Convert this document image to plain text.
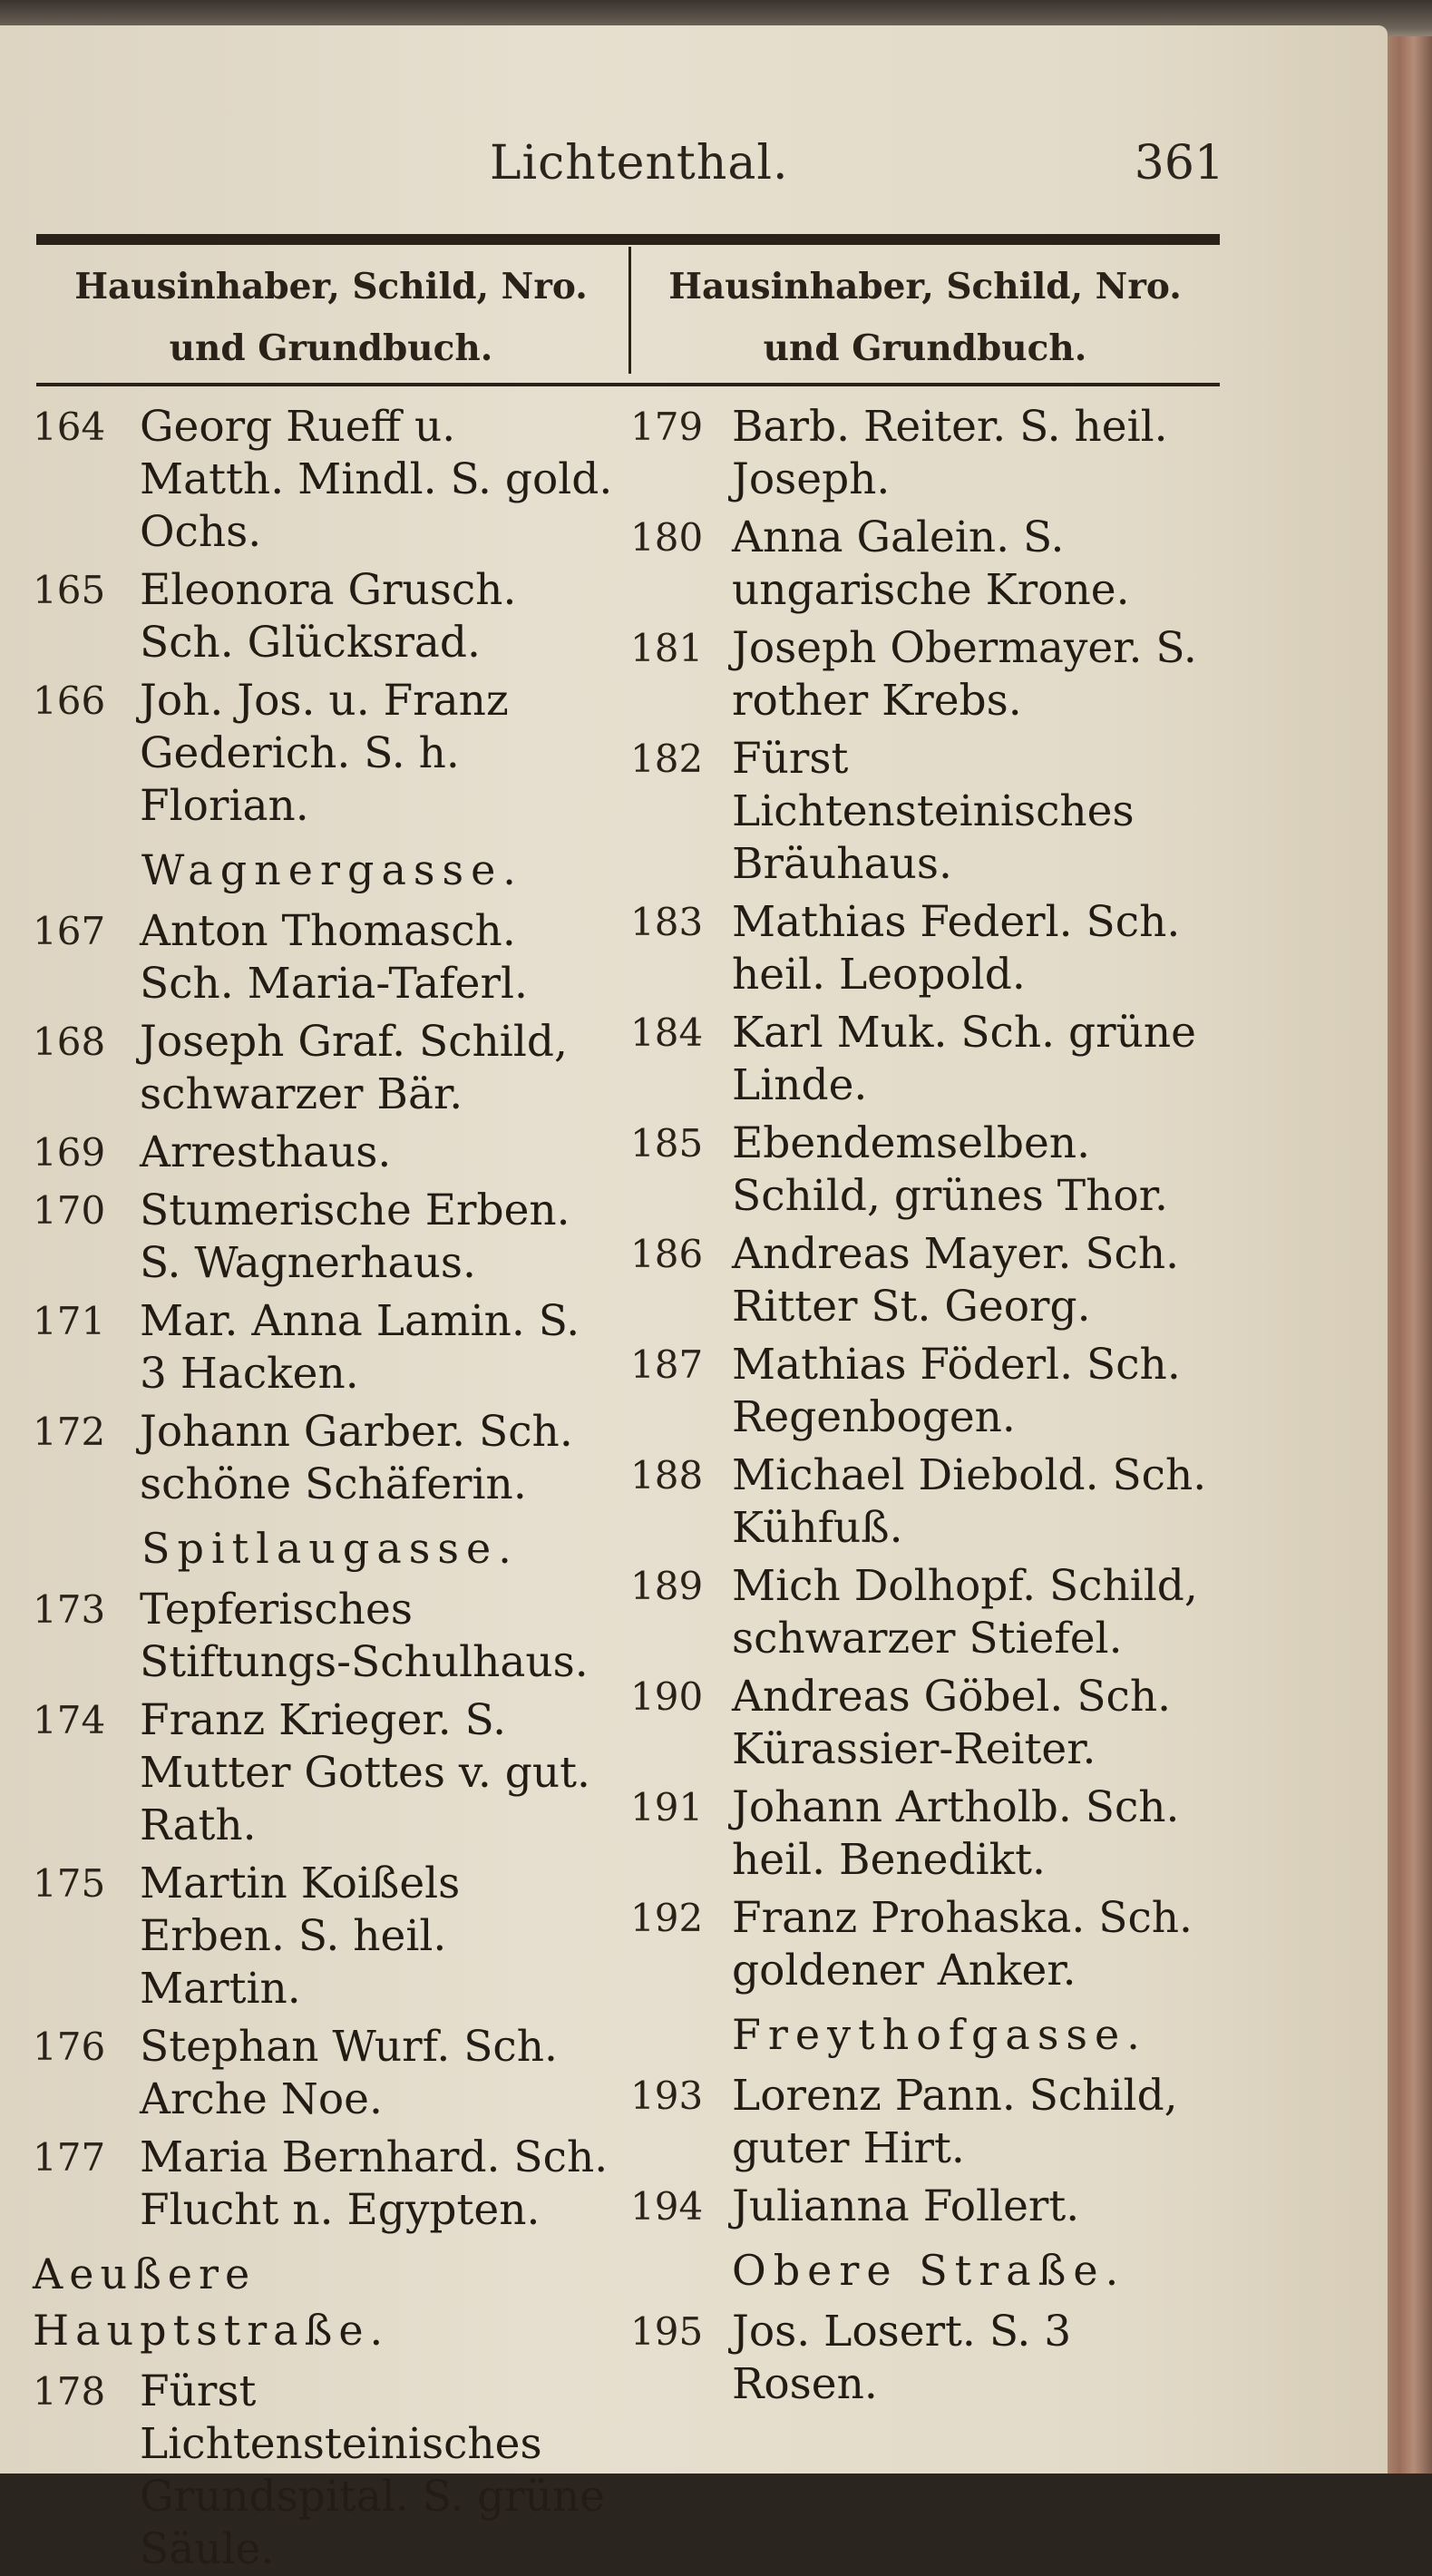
Lichtenthal.	361
Hausinhaber, Schild, Nro. und Grundbuch.
Hausinhaber, Schild, Nro. und Grundbuch.
164 Georg Rueff u. Matth. Mindl. S. gold. Ochs.
165 Eleonora Grusch. Sch. Glücksrad.
166 Joh. Jos. u. Franz Gederich. S. h. Florian.
Wagnergasse.
167 Anton Thomasch. Sch. Maria-Taferl.
168 Joseph Graf. Schild, schwarzer Bär.
169 Arresthaus.
170 Stumerische Erben. S. Wagnerhaus.
171 Mar. Anna Lamin. S. 3 Hacken.
172 Johann Garber. Sch. schöne Schäferin.
Spitlaugasse.
173 Tepferisches Stiftungs-Schulhaus.
174 Franz Krieger. S. Mutter Gottes v. gut. Rath.
175 Martin Koißels Erben. S. heil. Martin.
176 Stephan Wurf. Sch. Arche Noe.
177 Maria Bernhard. Sch. Flucht n. Egypten.
Aeußere Hauptstraße.
178 Fürst Lichtensteinisches Grundspital. S. grüne Säule.
179 Barb. Reiter. S. heil. Joseph.
180 Anna Galein. S. ungarische Krone.
181 Joseph Obermayer. S. rother Krebs.
182 Fürst Lichtensteinisches Bräuhaus.
183 Mathias Federl. Sch. heil. Leopold.
184 Karl Muk. Sch. grüne Linde.
185 Ebendemselben. Schild, grünes Thor.
186 Andreas Mayer. Sch. Ritter St. Georg.
187 Mathias Föderl. Sch. Regenbogen.
188 Michael Diebold. Sch. Kühfuß.
189 Mich Dolhopf. Schild, schwarzer Stiefel.
190 Andreas Göbel. Sch. Kürassier-Reiter.
191 Johann Artholb. Sch. heil. Benedikt.
192 Franz Prohaska. Sch. goldener Anker.
Freythofgasse.
193 Lorenz Pann. Schild, guter Hirt.
194 Julianna Follert.
Obere Straße.
195 Jos. Losert. S. 3 Rosen.
